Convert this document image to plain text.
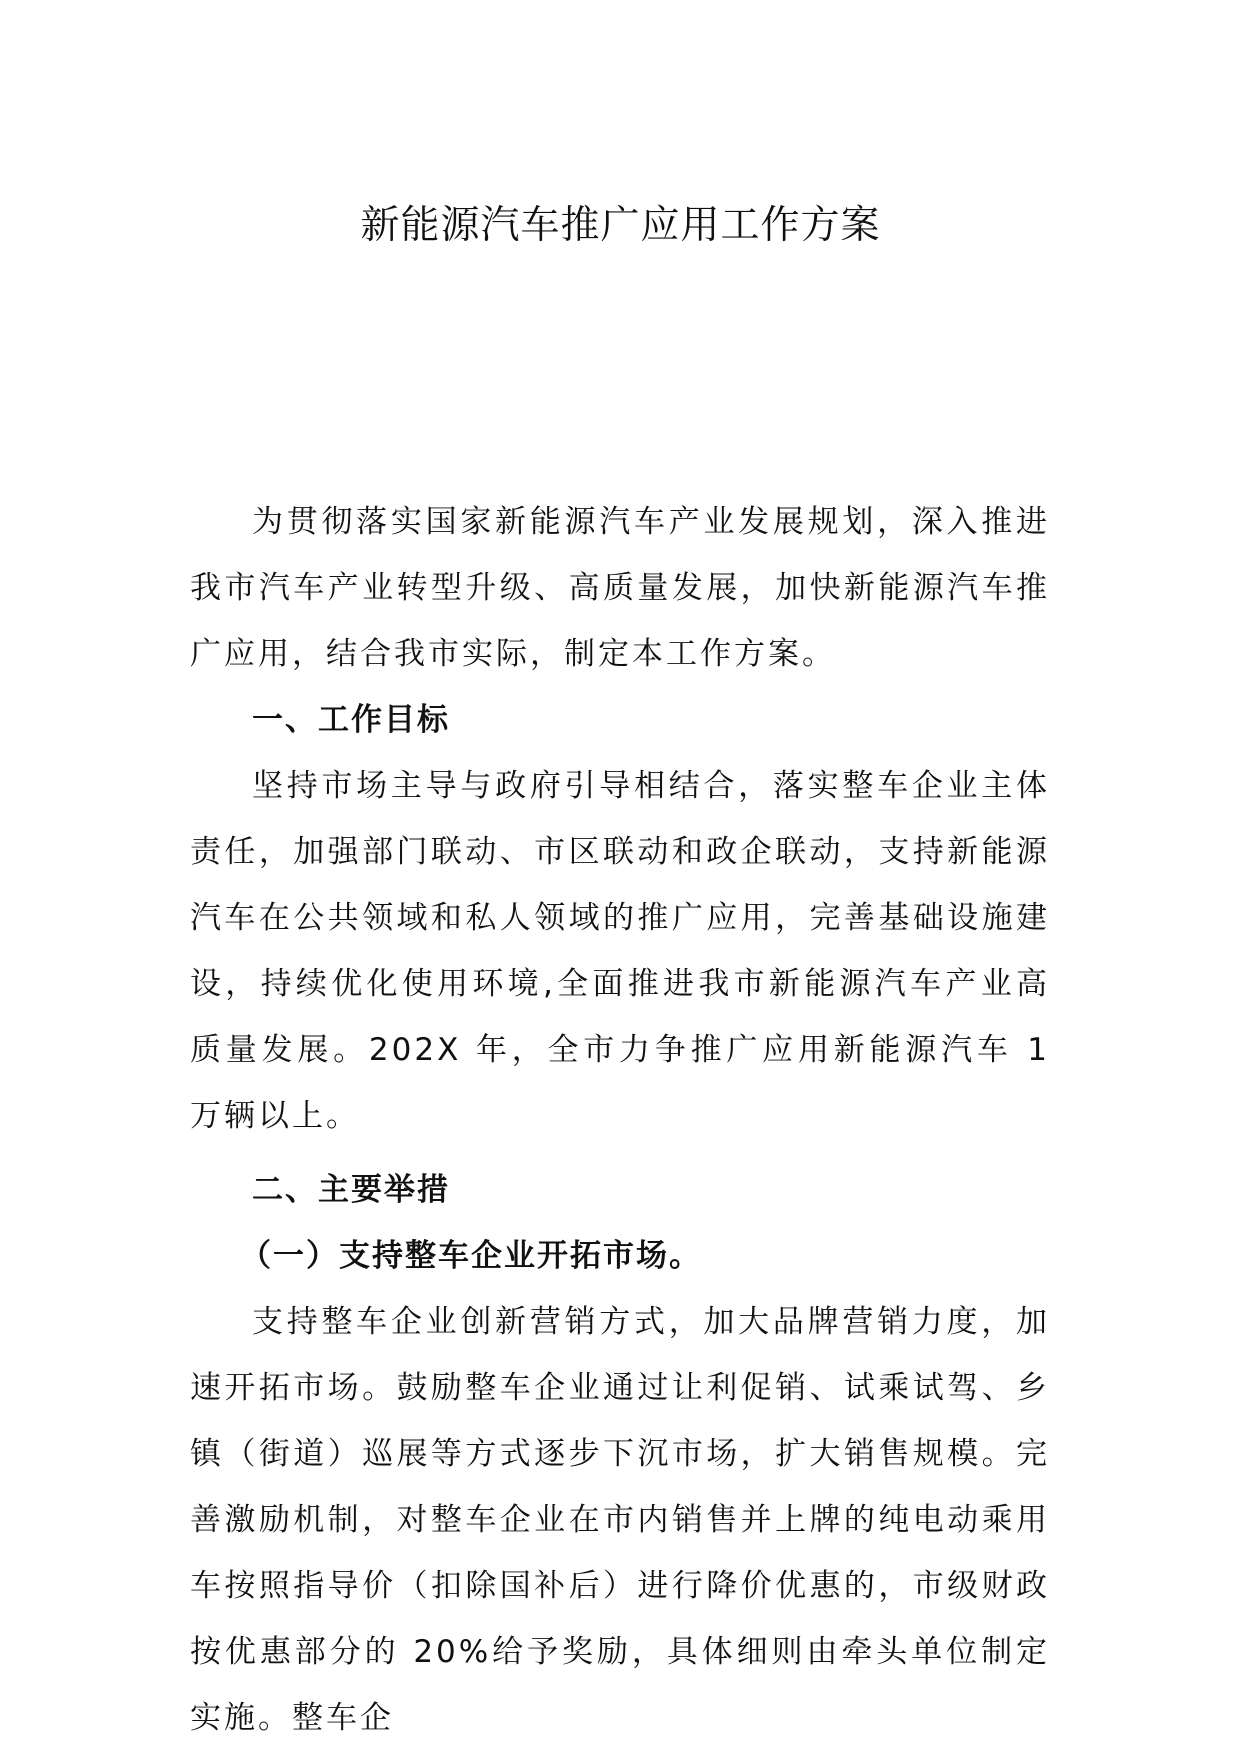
新能源汽车推广应用工作方案

为贯彻落实国家新能源汽车产业发展规划，深入推进我市汽车产业转型升级、高质量发展，加快新能源汽车推广应用，结合我市实际，制定本工作方案。

一、工作目标

坚持市场主导与政府引导相结合，落实整车企业主体责任，加强部门联动、市区联动和政企联动，支持新能源汽车在公共领域和私人领域的推广应用，完善基础设施建设，持续优化使用环境,全面推进我市新能源汽车产业高质量发展。202X 年，全市力争推广应用新能源汽车 1 万辆以上。

二、主要举措

（一）支持整车企业开拓市场。

支持整车企业创新营销方式，加大品牌营销力度，加速开拓市场。鼓励整车企业通过让利促销、试乘试驾、乡镇（街道）巡展等方式逐步下沉市场，扩大销售规模。完善激励机制，对整车企业在市内销售并上牌的纯电动乘用车按照指导价（扣除国补后）进行降价优惠的，市级财政按优惠部分的 20%给予奖励，具体细则由牵头单位制定实施。整车企
